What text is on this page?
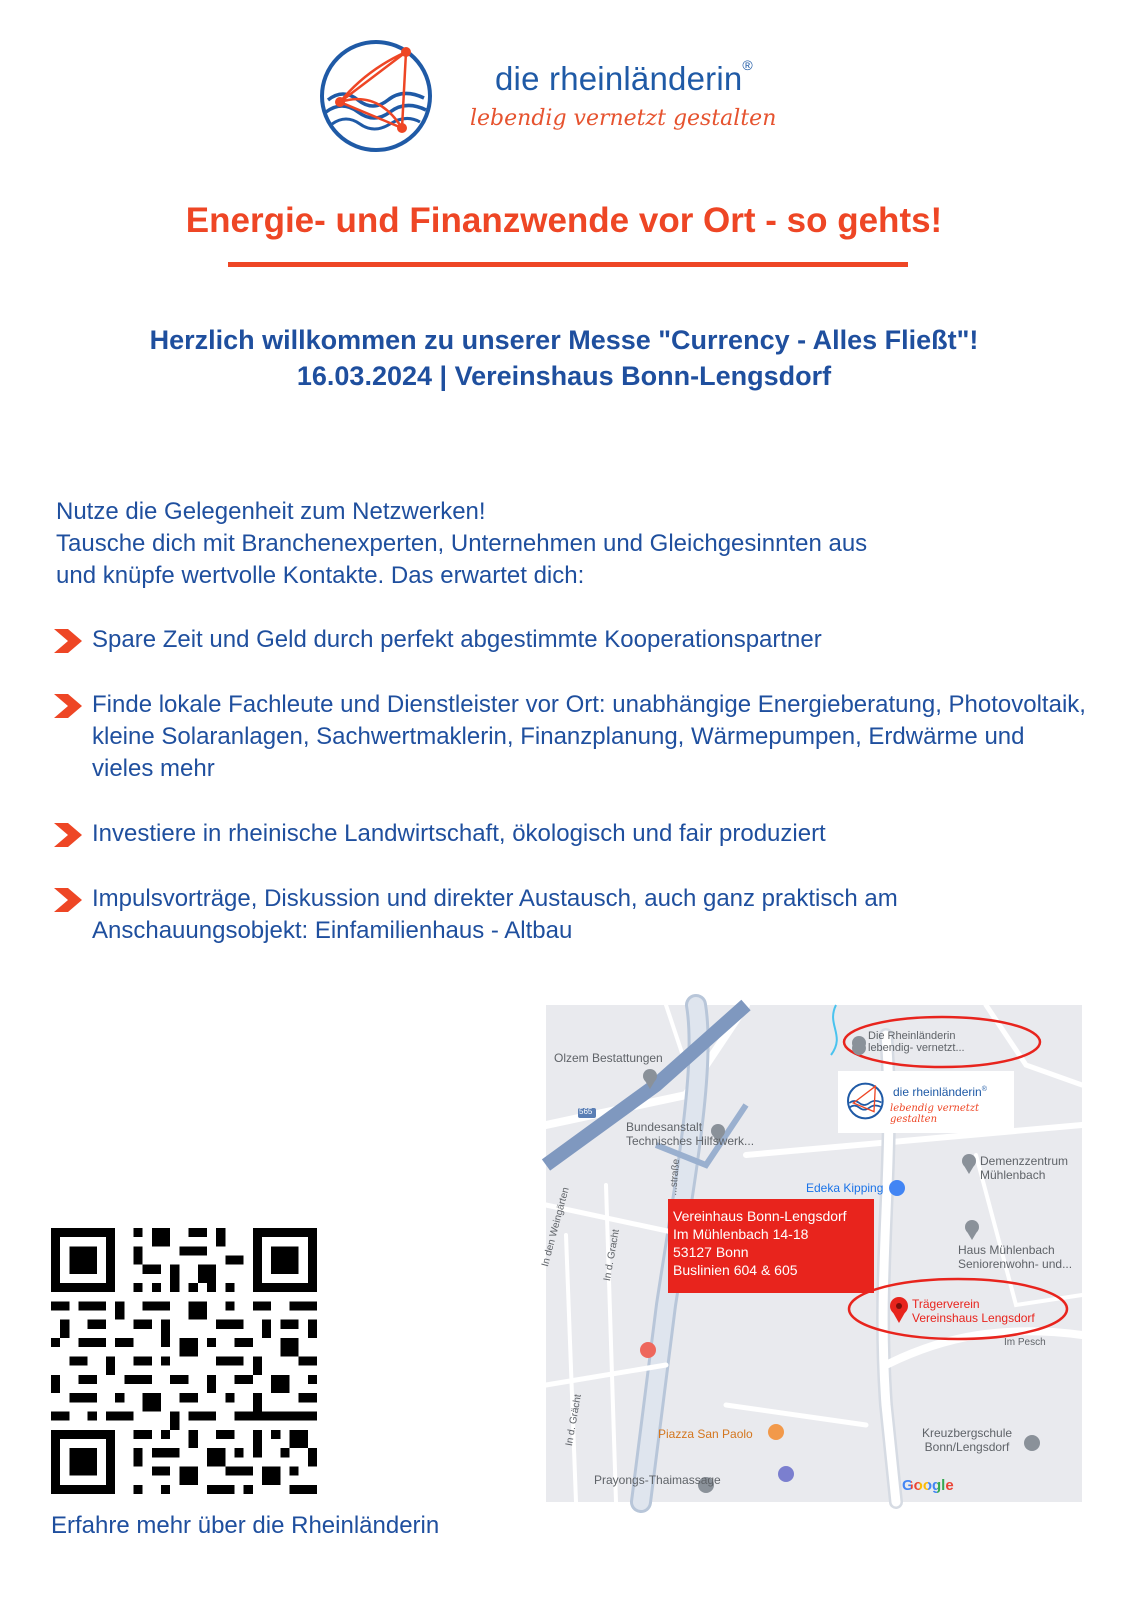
die rheinländerin®
lebendig vernetzt gestalten
Energie- und Finanzwende vor Ort - so gehts!
Herzlich willkommen zu unserer Messe "Currency - Alles Fließt"!
16.03.2024 | Vereinshaus Bonn-Lengsdorf
Nutze die Gelegenheit zum Netzwerken!
Tausche dich mit Branchenexperten, Unternehmen und Gleichgesinnten aus
und knüpfe wertvolle Kontakte. Das erwartet dich:
Spare Zeit und Geld durch perfekt abgestimmte Kooperationspartner
Finde lokale Fachleute und Dienstleister vor Ort: unabhängige Energieberatung, Photovoltaik, kleine Solaranlagen, Sachwertmaklerin, Finanzplanung, Wärmepumpen, Erdwärme und vieles mehr
Investiere in rheinische Landwirtschaft, ökologisch und fair produziert
Impulsvorträge, Diskussion und direkter Austausch, auch ganz praktisch am Anschauungsobjekt: Einfamilienhaus - Altbau
Erfahre mehr über die Rheinländerin
Olzem Bestattungen
Bundesanstalt
Technisches Hilfswerk...
Edeka Kipping
Demenzzentrum
Mühlenbach
Haus Mühlenbach
Seniorenwohn- und...
565
In den Weingärten	In d. Gracht
In d. Grächt
...straße
Piazza San Paolo
Prayongs-Thaimassage
Kreuzbergschule
Bonn/Lengsdorf
Im Pesch
Die Rheinländerin
lebendig- vernetzt...
die rheinländerin®
lebendig vernetzt gestalten
Vereinhaus Bonn-Lengsdorf
Im Mühlenbach 14-18
53127 Bonn
Buslinien 604 & 605
Trägerverein
Vereinshaus Lengsdorf
Google
